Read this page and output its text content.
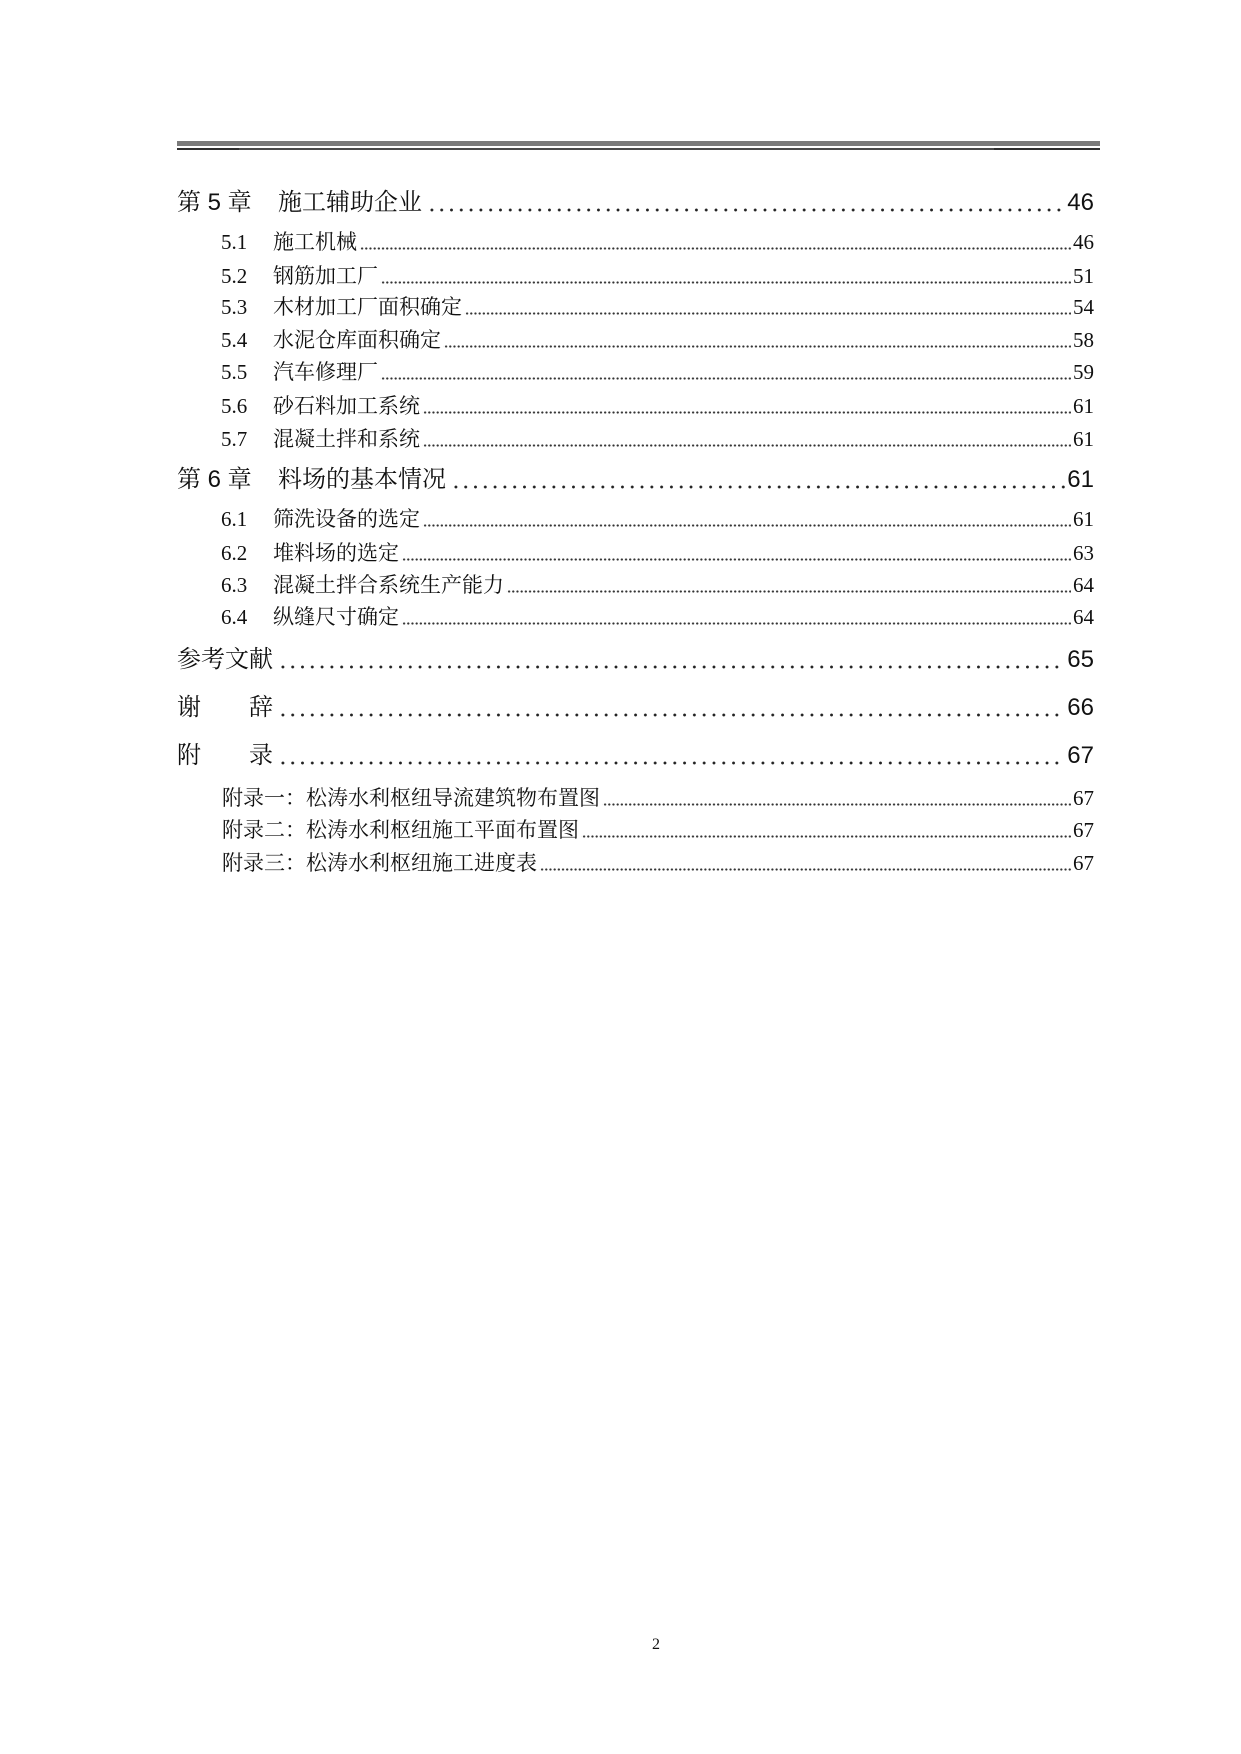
第 5 章	施工辅助企业	46
5.1	施工机械	46
5.2	钢筋加工厂	51
5.3	木材加工厂面积确定	54
5.4	水泥仓库面积确定	58
5.5	汽车修理厂	59
5.6	砂石料加工系统	61
5.7	混凝土拌和系统	61
第 6 章	料场的基本情况	61
6.1	筛洗设备的选定	61
6.2	堆料场的选定	63
6.3	混凝土拌合系统生产能力	64
6.4	纵缝尺寸确定	64
参考文献	65
谢　　辞	66
附　　录	67
附录一：松涛水利枢纽导流建筑物布置图	67
附录二：松涛水利枢纽施工平面布置图	67
附录三：松涛水利枢纽施工进度表	67
2
